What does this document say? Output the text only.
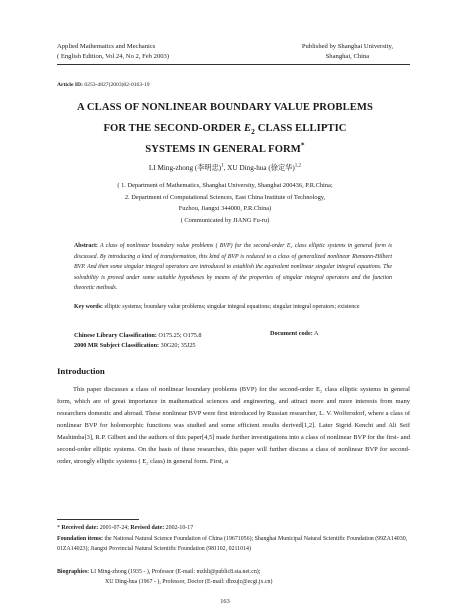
Applied Mathematics and Mechanics
( English Edition, Vol 24, No 2, Feb 2003)
Published by Shanghai University,
Shanghai, China
Article ID: 0253-4827(2003)02-0163-19
A CLASS OF NONLINEAR BOUNDARY VALUE PROBLEMS
FOR THE SECOND-ORDER $E_2$ CLASS ELLIPTIC
SYSTEMS IN GENERAL FORM*
LI Ming-zhong (李明忠)$^1$, XU Ding-hua (徐定华)$^{1,2}$
( 1. Department of Mathematics, Shanghai University, Shanghai 200436, P.R.China;
2. Department of Computational Sciences, East China Institute of Technology,
Fuzhou, Jiangxi 344000, P.R.China)
( Communicated by JIANG Fu-ru)
Abstract: A class of nonlinear boundary value problems ( BVP) for the second-order E₂ class elliptic systems in general form is discussed. By introducing a kind of transformation, this kind of BVP is reduced to a class of generalized nonlinear Riemann-Hilbert BVP. And then some singular integral operators are introduced to establish the equivalent nonlinear singular integral equations. The solvability is proved under some suitable hypotheses by means of the properties of singular integral operators and the function theoretic methods.
Key words: elliptic systems; boundary value problems; singular integral equations; singular integral operators; existence
Chinese Library Classification: O175.25; O175.8	Document code: A
2000 MR Subject Classification: 30G20; 35J25
Introduction
This paper discusses a class of nonlinear boundary problems (BVP) for the second-order E₂ class elliptic systems in general form, which are of great importance in mathematical sciences and engineering, and attract more and more interests from many researchers domestic and abroad. These nonlinear BVP were first introduced by Russian researcher, L. V. Wolfersdorf, where a class of nonlinear BVP for holomorphic functions was studied and some efficient results derived[1,2]. Later Sigrid Kencht and Ali Seif Mashimba[3], R.P. Gilbert and the authors of this paper[4,5] made further investigations into a class of nonlinear BVP for the first- and second-order elliptic systems. On the basis of these researches, this paper will further discuss a class of nonlinear BVP for second-order, strongly elliptic systems ( E₂ class) in general form. First, a
* Received date: 2001-07-24; Revised date: 2002-10-17
Foundation items: the National Natural Science Foundation of China (19671056); Shanghai Municipal Natural Scientific Foundation (99ZA14030, 01ZA14023); Jiangxi Provincial Natural Scientific Foundation (981102, 0211014)
Biographies: LI Ming-zhong (1935 - ), Professor (E-mail: mzhli@public8.sta.net.cn);
XU Ding-hua (1967 - ), Professor, Doctor (E-mail: dhxujc@ecgi.jx.cn)
163
